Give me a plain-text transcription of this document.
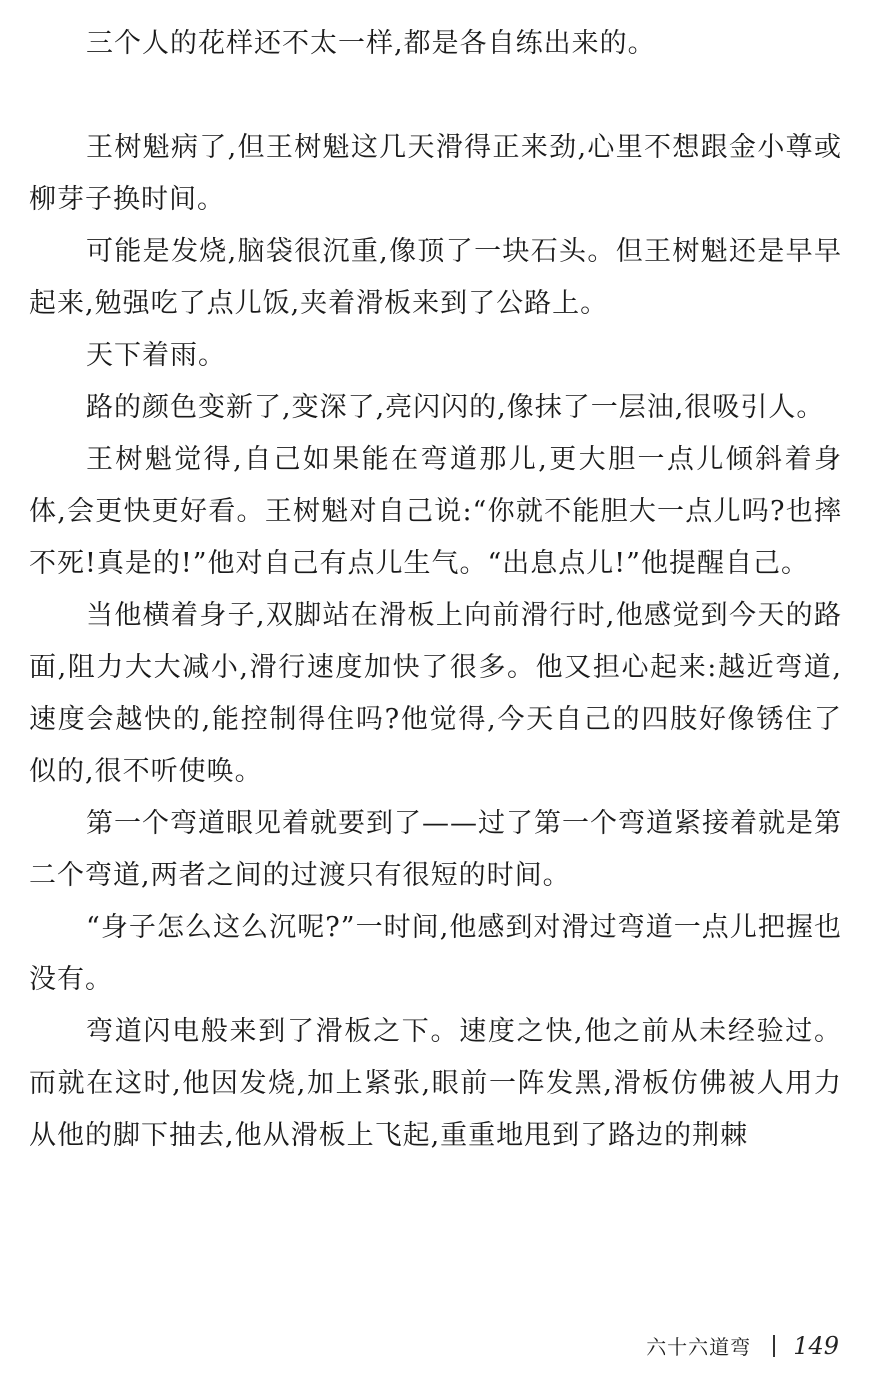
三个人的花样还不太一样,都是各自练出来的。

王树魁病了,但王树魁这几天滑得正来劲,心里不想跟金小尊或柳芽子换时间。

可能是发烧,脑袋很沉重,像顶了一块石头。但王树魁还是早早起来,勉强吃了点儿饭,夹着滑板来到了公路上。

天下着雨。

路的颜色变新了,变深了,亮闪闪的,像抹了一层油,很吸引人。

王树魁觉得,自己如果能在弯道那儿,更大胆一点儿倾斜着身体,会更快更好看。王树魁对自己说:“你就不能胆大一点儿吗?也摔不死!真是的!”他对自己有点儿生气。“出息点儿!”他提醒自己。

当他横着身子,双脚站在滑板上向前滑行时,他感觉到今天的路面,阻力大大减小,滑行速度加快了很多。他又担心起来:越近弯道,速度会越快的,能控制得住吗?他觉得,今天自己的四肢好像锈住了似的,很不听使唤。

第一个弯道眼见着就要到了——过了第一个弯道紧接着就是第二个弯道,两者之间的过渡只有很短的时间。

“身子怎么这么沉呢?”一时间,他感到对滑过弯道一点儿把握也没有。

弯道闪电般来到了滑板之下。速度之快,他之前从未经验过。而就在这时,他因发烧,加上紧张,眼前一阵发黑,滑板仿佛被人用力从他的脚下抽去,他从滑板上飞起,重重地甩到了路边的荆棘

六十六道弯 149
